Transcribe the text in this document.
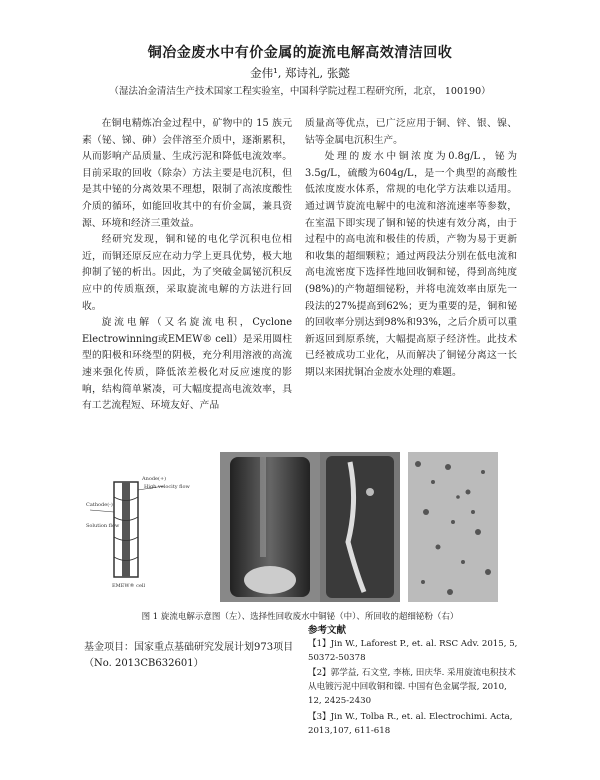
铜冶金废水中有价金属的旋流电解高效清洁回收
金伟¹, 郑诗礼, 张懿
（湿法冶金清洁生产技术国家工程实验室，中国科学院过程工程研究所，北京， 100190）

在铜电精炼冶金过程中，矿物中的 15 族元素（铋、锑、砷）会伴溶至介质中，逐渐累积，从而影响产品质量、生成污泥和降低电流效率。目前采取的回收（除杂）方法主要是电沉积，但是其中铋的分离效果不理想，限制了高浓度酸性介质的循环，如能回收其中的有价金属，兼具资源、环境和经济三重效益。

经研究发现，铜和铋的电化学沉积电位相近，而铜还原反应在动力学上更具优势，极大地抑制了铋的析出。因此，为了突破金属铋沉积反应中的传质瓶颈，采取旋流电解的方法进行回收。

旋流电解（又名旋流电积，Cyclone Electrowinning或EMEW® cell）是采用圆柱型的阳极和环绕型的阴极，充分利用溶液的高流速来强化传质，降低浓差极化对反应速度的影响，结构简单紧凑，可大幅度提高电流效率，具有工艺流程短、环境友好、产品

质量高等优点，已广泛应用于铜、锌、银、镍、钴等金属电沉积生产。

处理的废水中铜浓度为0.8g/L，铋为3.5g/L，硫酸为604g/L，是一个典型的高酸性低浓度废水体系，常规的电化学方法难以适用。通过调节旋流电解中的电流和溶流速率等参数，在室温下即实现了铜和铋的快速有效分离，由于过程中的高电流和极佳的传质，产物为易于更新和收集的超细颗粒；通过两段法分别在低电流和高电流密度下选择性地回收铜和铋，得到高纯度(98%)的产物超细铋粉，并将电流效率由原先一段法的27%提高到62%；更为重要的是，铜和铋的回收率分别达到98%和93%，之后介质可以重新返回到原系统，大幅提高原子经济性。此技术已经被成功工业化，从而解决了铜铋分离这一长期以来困扰铜冶金废水处理的难题。

Anode(+)
High velocity flow
Cathode(-)
Solution flow
EMEW® cell
图 1 旋流电解示意图（左）、选择性回收废水中铜铋（中）、所回收的超细铋粉（右）
基金项目：国家重点基础研究发展计划973项目（No. 2013CB632601）
参考文献
【1】Jin W., Laforest P., et. al. RSC Adv. 2015, 5, 50372-50378
【2】郭学益, 石文堂, 李栋, 田庆华. 采用旋流电积技术从电镀污泥中回收铜和镍. 中国有色金属学报, 2010, 12, 2425-2430
【3】Jin W., Tolba R., et. al. Electrochimi. Acta, 2013,107, 611-618
